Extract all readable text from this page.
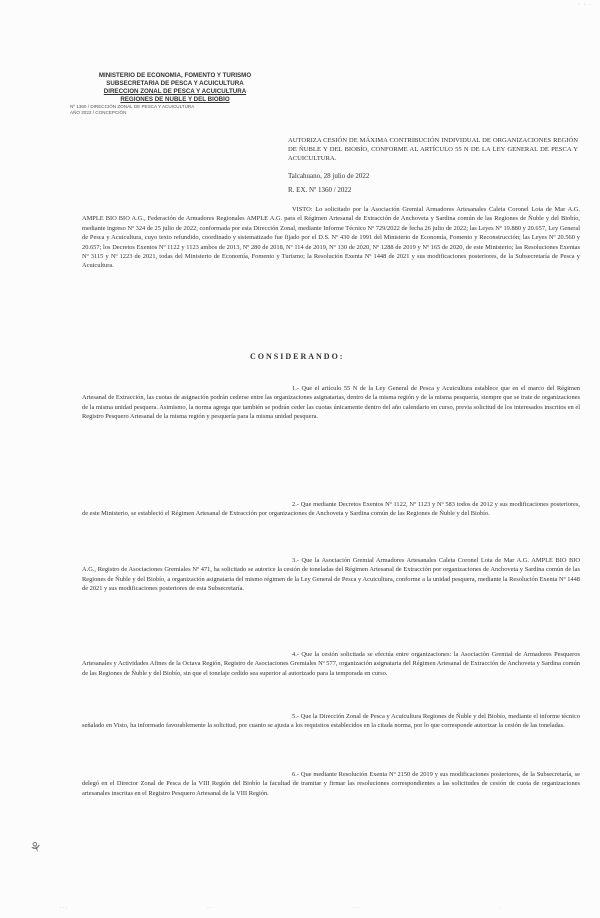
· · ·
MINISTERIO DE ECONOMÍA, FOMENTO Y TURISMO
SUBSECRETARÍA DE PESCA Y ACUICULTURA
DIRECCIÓN ZONAL DE PESCA Y ACUICULTURA
REGIONES DE ÑUBLE Y DEL BIOBÍO
Nº 1360 / DIRECCIÓN ZONAL DE PESCA Y ACUICULTURA
AÑO 2022 / CONCEPCIÓN
AUTORIZA CESIÓN DE MÁXIMA CONTRIBUCIÓN INDIVIDUAL DE ORGANIZACIONES REGIÓN DE ÑUBLE Y DEL BIOBÍO, CONFORME AL ARTÍCULO 55 N DE LA LEY GENERAL DE PESCA Y ACUICULTURA.
Talcahuano, 28 julio de 2022
R. EX. Nº 1360 / 2022
VISTO: Lo solicitado por la Asociación Gremial Armadores Artesanales Caleta Coronel Lota de Mar A.G. AMPLE BIO BIO A.G., Federación de Armadores Regionales AMPLE A.G. para el Régimen Artesanal de Extracción de Anchoveta y Sardina común de las Regiones de Ñuble y del Biobío, mediante ingreso Nº 324 de 25 julio de 2022, conformada por esta Dirección Zonal, mediante Informe Técnico Nº 729/2022 de fecha 26 julio de 2022; las Leyes Nº 19.880 y 20.657, Ley General de Pesca y Acuicultura, cuyo texto refundido, coordinado y sistematizado fue fijado por el D.S. Nº 430 de 1991 del Ministerio de Economía, Fomento y Reconstrucción; las Leyes Nº 20.560 y 20.657; los Decretos Exentos Nº 1122 y 1123 ambos de 2013, Nº 280 de 2018, Nº 114 de 2019, Nº 130 de 2020, Nº 1288 de 2019 y Nº 165 de 2020, de este Ministerio; las Resoluciones Exentas Nº 3115 y Nº 1223 de 2021, todas del Ministerio de Economía, Fomento y Turismo; la Resolución Exenta Nº 1448 de 2021 y sus modificaciones posteriores, de la Subsecretaría de Pesca y Acuicultura.
CONSIDERANDO:
1.- Que el artículo 55 N de la Ley General de Pesca y Acuicultura establece que en el marco del Régimen Artesanal de Extracción, las cuotas de asignación podrán cederse entre las organizaciones asignatarias, dentro de la misma región y de la misma pesquería, siempre que se trate de organizaciones de la misma unidad pesquera. Asimismo, la norma agrega que también se podrán ceder las cuotas únicamente dentro del año calendario en curso, previa solicitud de los interesados inscritos en el Registro Pesquero Artesanal de la misma región y pesquería para la misma unidad pesquera.
2.- Que mediante Decretos Exentos Nº 1122, Nº 1123 y Nº 583 todos de 2012 y sus modificaciones posteriores, de este Ministerio, se estableció el Régimen Artesanal de Extracción por organizaciones de Anchoveta y Sardina común de las Regiones de Ñuble y del Biobío.
3.- Que la Asociación Gremial Armadores Artesanales Caleta Coronel Lota de Mar A.G. AMPLE BIO BIO A.G., Registro de Asociaciones Gremiales Nº 471, ha solicitado se autorice la cesión de toneladas del Régimen Artesanal de Extracción por organizaciones de Anchoveta y Sardina común de las Regiones de Ñuble y del Biobío, a organización asignataria del mismo régimen de la Ley General de Pesca y Acuicultura, conforme a la unidad pesquera, mediante la Resolución Exenta Nº 1448 de 2021 y sus modificaciones posteriores de esta Subsecretaría.
4.- Que la cesión solicitada se efectúa entre organizaciones: la Asociación Gremial de Armadores Pesqueros Artesanales y Actividades Afines de la Octava Región, Registro de Asociaciones Gremiales Nº 577, organización asignataria del Régimen Artesanal de Extracción de Anchoveta y Sardina común de las Regiones de Ñuble y del Biobío, sin que el tonelaje cedido sea superior al autorizado para la temporada en curso.
5.- Que la Dirección Zonal de Pesca y Acuicultura Regiones de Ñuble y del Biobío, mediante el informe técnico señalado en Visto, ha informado favorablemente la solicitud, por cuanto se ajusta a los requisitos establecidos en la citada norma, por lo que corresponde autorizar la cesión de las toneladas.
6.- Que mediante Resolución Exenta Nº 2150 de 2019 y sus modificaciones posteriores, de la Subsecretaría, se delegó en el Director Zonal de Pesca de la VIII Región del Biobío la facultad de tramitar y firmar las resoluciones correspondientes a las solicitudes de cesión de cuota de organizaciones artesanales inscritas en el Registro Pesquero Artesanal de la VIII Región.
⚘
· · ·	· ·	· · ·	·
